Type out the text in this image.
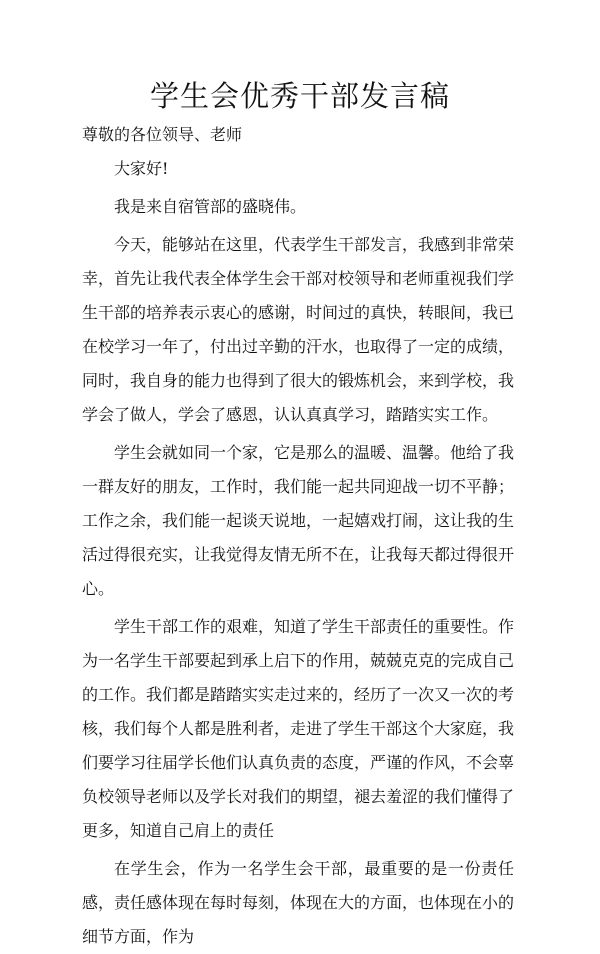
学生会优秀干部发言稿

尊敬的各位领导、老师

大家好!

我是来自宿管部的盛晓伟。

今天，能够站在这里，代表学生干部发言，我感到非常荣幸，首先让我代表全体学生会干部对校领导和老师重视我们学生干部的培养表示衷心的感谢，时间过的真快，转眼间，我已在校学习一年了，付出过辛勤的汗水，也取得了一定的成绩，同时，我自身的能力也得到了很大的锻炼机会，来到学校，我学会了做人，学会了感恩，认认真真学习，踏踏实实工作。

学生会就如同一个家，它是那么的温暖、温馨。他给了我一群友好的朋友，工作时，我们能一起共同迎战一切不平静；工作之余，我们能一起谈天说地，一起嬉戏打闹，这让我的生活过得很充实，让我觉得友情无所不在，让我每天都过得很开心。

学生干部工作的艰难，知道了学生干部责任的重要性。作为一名学生干部要起到承上启下的作用，兢兢克克的完成自己的工作。我们都是踏踏实实走过来的，经历了一次又一次的考核，我们每个人都是胜利者，走进了学生干部这个大家庭，我们要学习往届学长他们认真负责的态度，严谨的作风，不会辜负校领导老师以及学长对我们的期望，褪去羞涩的我们懂得了更多，知道自己肩上的责任

在学生会，作为一名学生会干部，最重要的是一份责任感，责任感体现在每时每刻，体现在大的方面，也体现在小的细节方面，作为
